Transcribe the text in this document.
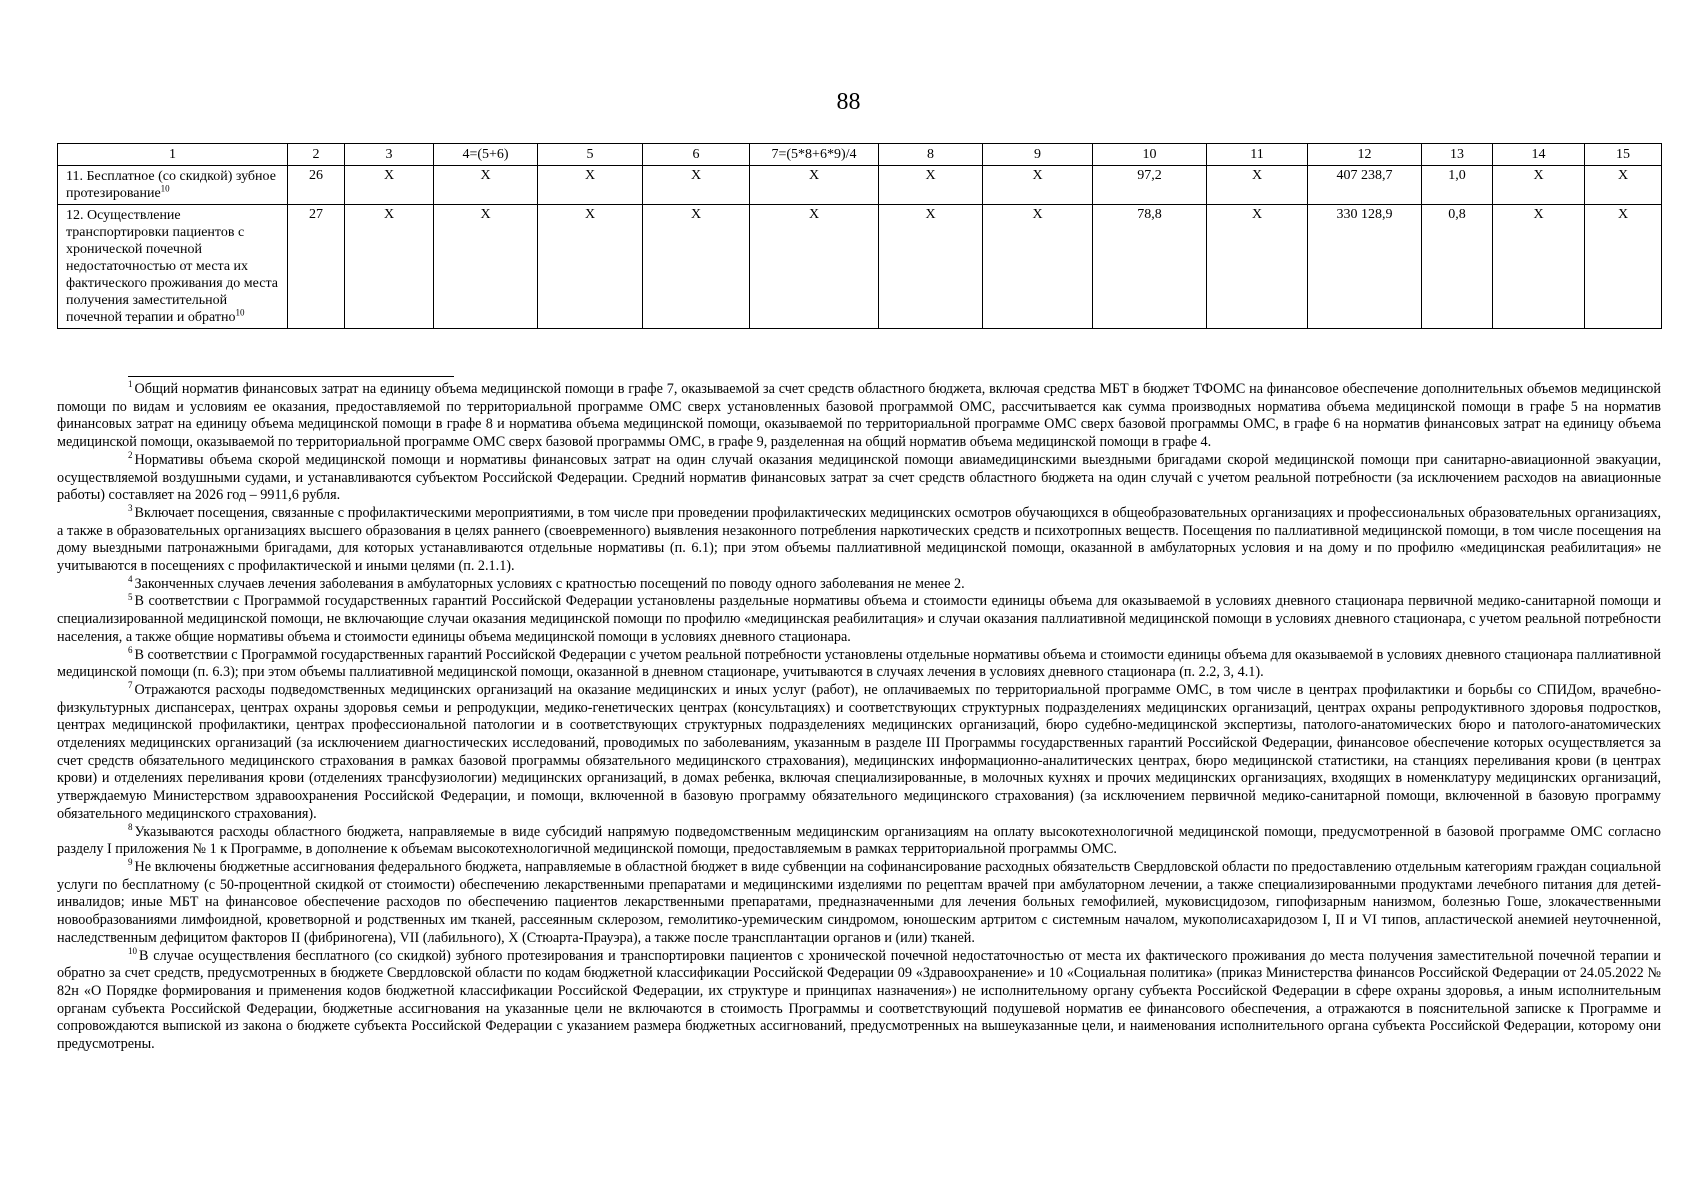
88
1	2	3	4=(5+6)	5	6	7=(5*8+6*9)/4	8	9	10	11	12	13	14	15
11. Бесплатное (со скидкой) зубное протезирование$^{10}$	26	Х	Х	Х	Х	Х	Х	Х	97,2	Х	407 238,7	1,0	Х	Х
12. Осуществление транспортировки пациентов с хронической почечной недостаточностью от места их фактического проживания до места получения заместительной почечной терапии и обратно$^{10}$	27	Х	Х	Х	Х	Х	Х	Х	78,8	Х	330 128,9	0,8	Х	Х

$^1$ Общий норматив финансовых затрат на единицу объема медицинской помощи в графе 7, оказываемой за счет средств областного бюджета, включая средства МБТ в бюджет ТФОМС на финансовое обеспечение дополнительных объемов медицинской помощи по видам и условиям ее оказания, предоставляемой по территориальной программе ОМС сверх установленных базовой программой ОМС, рассчитывается как сумма производных норматива объема медицинской помощи в графе 5 на норматив финансовых затрат на единицу объема медицинской помощи в графе 8 и норматива объема медицинской помощи, оказываемой по территориальной программе ОМС сверх базовой программы ОМС, в графе 6 на норматив финансовых затрат на единицу объема медицинской помощи, оказываемой по территориальной программе ОМС сверх базовой программы ОМС, в графе 9, разделенная на общий норматив объема медицинской помощи в графе 4.

$^2$ Нормативы объема скорой медицинской помощи и нормативы финансовых затрат на один случай оказания медицинской помощи авиамедицинскими выездными бригадами скорой медицинской помощи при санитарно-авиационной эвакуации, осуществляемой воздушными судами, и устанавливаются субъектом Российской Федерации. Средний норматив финансовых затрат за счет средств областного бюджета на один случай с учетом реальной потребности (за исключением расходов на авиационные работы) составляет на 2026 год – 9911,6 рубля.

$^3$ Включает посещения, связанные с профилактическими мероприятиями, в том числе при проведении профилактических медицинских осмотров обучающихся в общеобразовательных организациях и профессиональных образовательных организациях, а также в образовательных организациях высшего образования в целях раннего (своевременного) выявления незаконного потребления наркотических средств и психотропных веществ. Посещения по паллиативной медицинской помощи, в том числе посещения на дому выездными патронажными бригадами, для которых устанавливаются отдельные нормативы (п. 6.1); при этом объемы паллиативной медицинской помощи, оказанной в амбулаторных условия и на дому и по профилю «медицинская реабилитация» не учитываются в посещениях с профилактической и иными целями (п. 2.1.1).

$^4$ Законченных случаев лечения заболевания в амбулаторных условиях с кратностью посещений по поводу одного заболевания не менее 2.

$^5$ В соответствии с Программой государственных гарантий Российской Федерации установлены раздельные нормативы объема и стоимости единицы объема для оказываемой в условиях дневного стационара первичной медико-санитарной помощи и специализированной медицинской помощи, не включающие случаи оказания медицинской помощи по профилю «медицинская реабилитация» и случаи оказания паллиативной медицинской помощи в условиях дневного стационара, с учетом реальной потребности населения, а также общие нормативы объема и стоимости единицы объема медицинской помощи в условиях дневного стационара.

$^6$ В соответствии с Программой государственных гарантий Российской Федерации с учетом реальной потребности установлены отдельные нормативы объема и стоимости единицы объема для оказываемой в условиях дневного стационара паллиативной медицинской помощи (п. 6.3); при этом объемы паллиативной медицинской помощи, оказанной в дневном стационаре, учитываются в случаях лечения в условиях дневного стационара (п. 2.2, 3, 4.1).

$^7$ Отражаются расходы подведомственных медицинских организаций на оказание медицинских и иных услуг (работ), не оплачиваемых по территориальной программе ОМС, в том числе в центрах профилактики и борьбы со СПИДом, врачебно-физкультурных диспансерах, центрах охраны здоровья семьи и репродукции, медико-генетических центрах (консультациях) и соответствующих структурных подразделениях медицинских организаций, центрах охраны репродуктивного здоровья подростков, центрах медицинской профилактики, центрах профессиональной патологии и в соответствующих структурных подразделениях медицинских организаций, бюро судебно-медицинской экспертизы, патолого-анатомических бюро и патолого-анатомических отделениях медицинских организаций (за исключением диагностических исследований, проводимых по заболеваниям, указанным в разделе III Программы государственных гарантий Российской Федерации, финансовое обеспечение которых осуществляется за счет средств обязательного медицинского страхования в рамках базовой программы обязательного медицинского страхования), медицинских информационно-аналитических центрах, бюро медицинской статистики, на станциях переливания крови (в центрах крови) и отделениях переливания крови (отделениях трансфузиологии) медицинских организаций, в домах ребенка, включая специализированные, в молочных кухнях и прочих медицинских организациях, входящих в номенклатуру медицинских организаций, утверждаемую Министерством здравоохранения Российской Федерации, и помощи, включенной в базовую программу обязательного медицинского страхования) (за исключением первичной медико-санитарной помощи, включенной в базовую программу обязательного медицинского страхования).

$^8$ Указываются расходы областного бюджета, направляемые в виде субсидий напрямую подведомственным медицинским организациям на оплату высокотехнологичной медицинской помощи, предусмотренной в базовой программе ОМС согласно разделу I приложения № 1 к Программе, в дополнение к объемам высокотехнологичной медицинской помощи, предоставляемым в рамках территориальной программы ОМС.

$^9$ Не включены бюджетные ассигнования федерального бюджета, направляемые в областной бюджет в виде субвенции на софинансирование расходных обязательств Свердловской области по предоставлению отдельным категориям граждан социальной услуги по бесплатному (с 50-процентной скидкой от стоимости) обеспечению лекарственными препаратами и медицинскими изделиями по рецептам врачей при амбулаторном лечении, а также специализированными продуктами лечебного питания для детей-инвалидов; иные МБТ на финансовое обеспечение расходов по обеспечению пациентов лекарственными препаратами, предназначенными для лечения больных гемофилией, муковисцидозом, гипофизарным нанизмом, болезнью Гоше, злокачественными новообразованиями лимфоидной, кроветворной и родственных им тканей, рассеянным склерозом, гемолитико-уремическим синдромом, юношеским артритом с системным началом, мукополисахаридозом I, II и VI типов, апластической анемией неуточненной, наследственным дефицитом факторов II (фибриногена), VII (лабильного), X (Стюарта-Прауэра), а также после трансплантации органов и (или) тканей.

$^{10}$ В случае осуществления бесплатного (со скидкой) зубного протезирования и транспортировки пациентов с хронической почечной недостаточностью от места их фактического проживания до места получения заместительной почечной терапии и обратно за счет средств, предусмотренных в бюджете Свердловской области по кодам бюджетной классификации Российской Федерации 09 «Здравоохранение» и 10 «Социальная политика» (приказ Министерства финансов Российской Федерации от 24.05.2022 № 82н «О Порядке формирования и применения кодов бюджетной классификации Российской Федерации, их структуре и принципах назначения») не исполнительному органу субъекта Российской Федерации в сфере охраны здоровья, а иным исполнительным органам субъекта Российской Федерации, бюджетные ассигнования на указанные цели не включаются в стоимость Программы и соответствующий подушевой норматив ее финансового обеспечения, а отражаются в пояснительной записке к Программе и сопровождаются выпиской из закона о бюджете субъекта Российской Федерации с указанием размера бюджетных ассигнований, предусмотренных на вышеуказанные цели, и наименования исполнительного органа субъекта Российской Федерации, которому они предусмотрены.
